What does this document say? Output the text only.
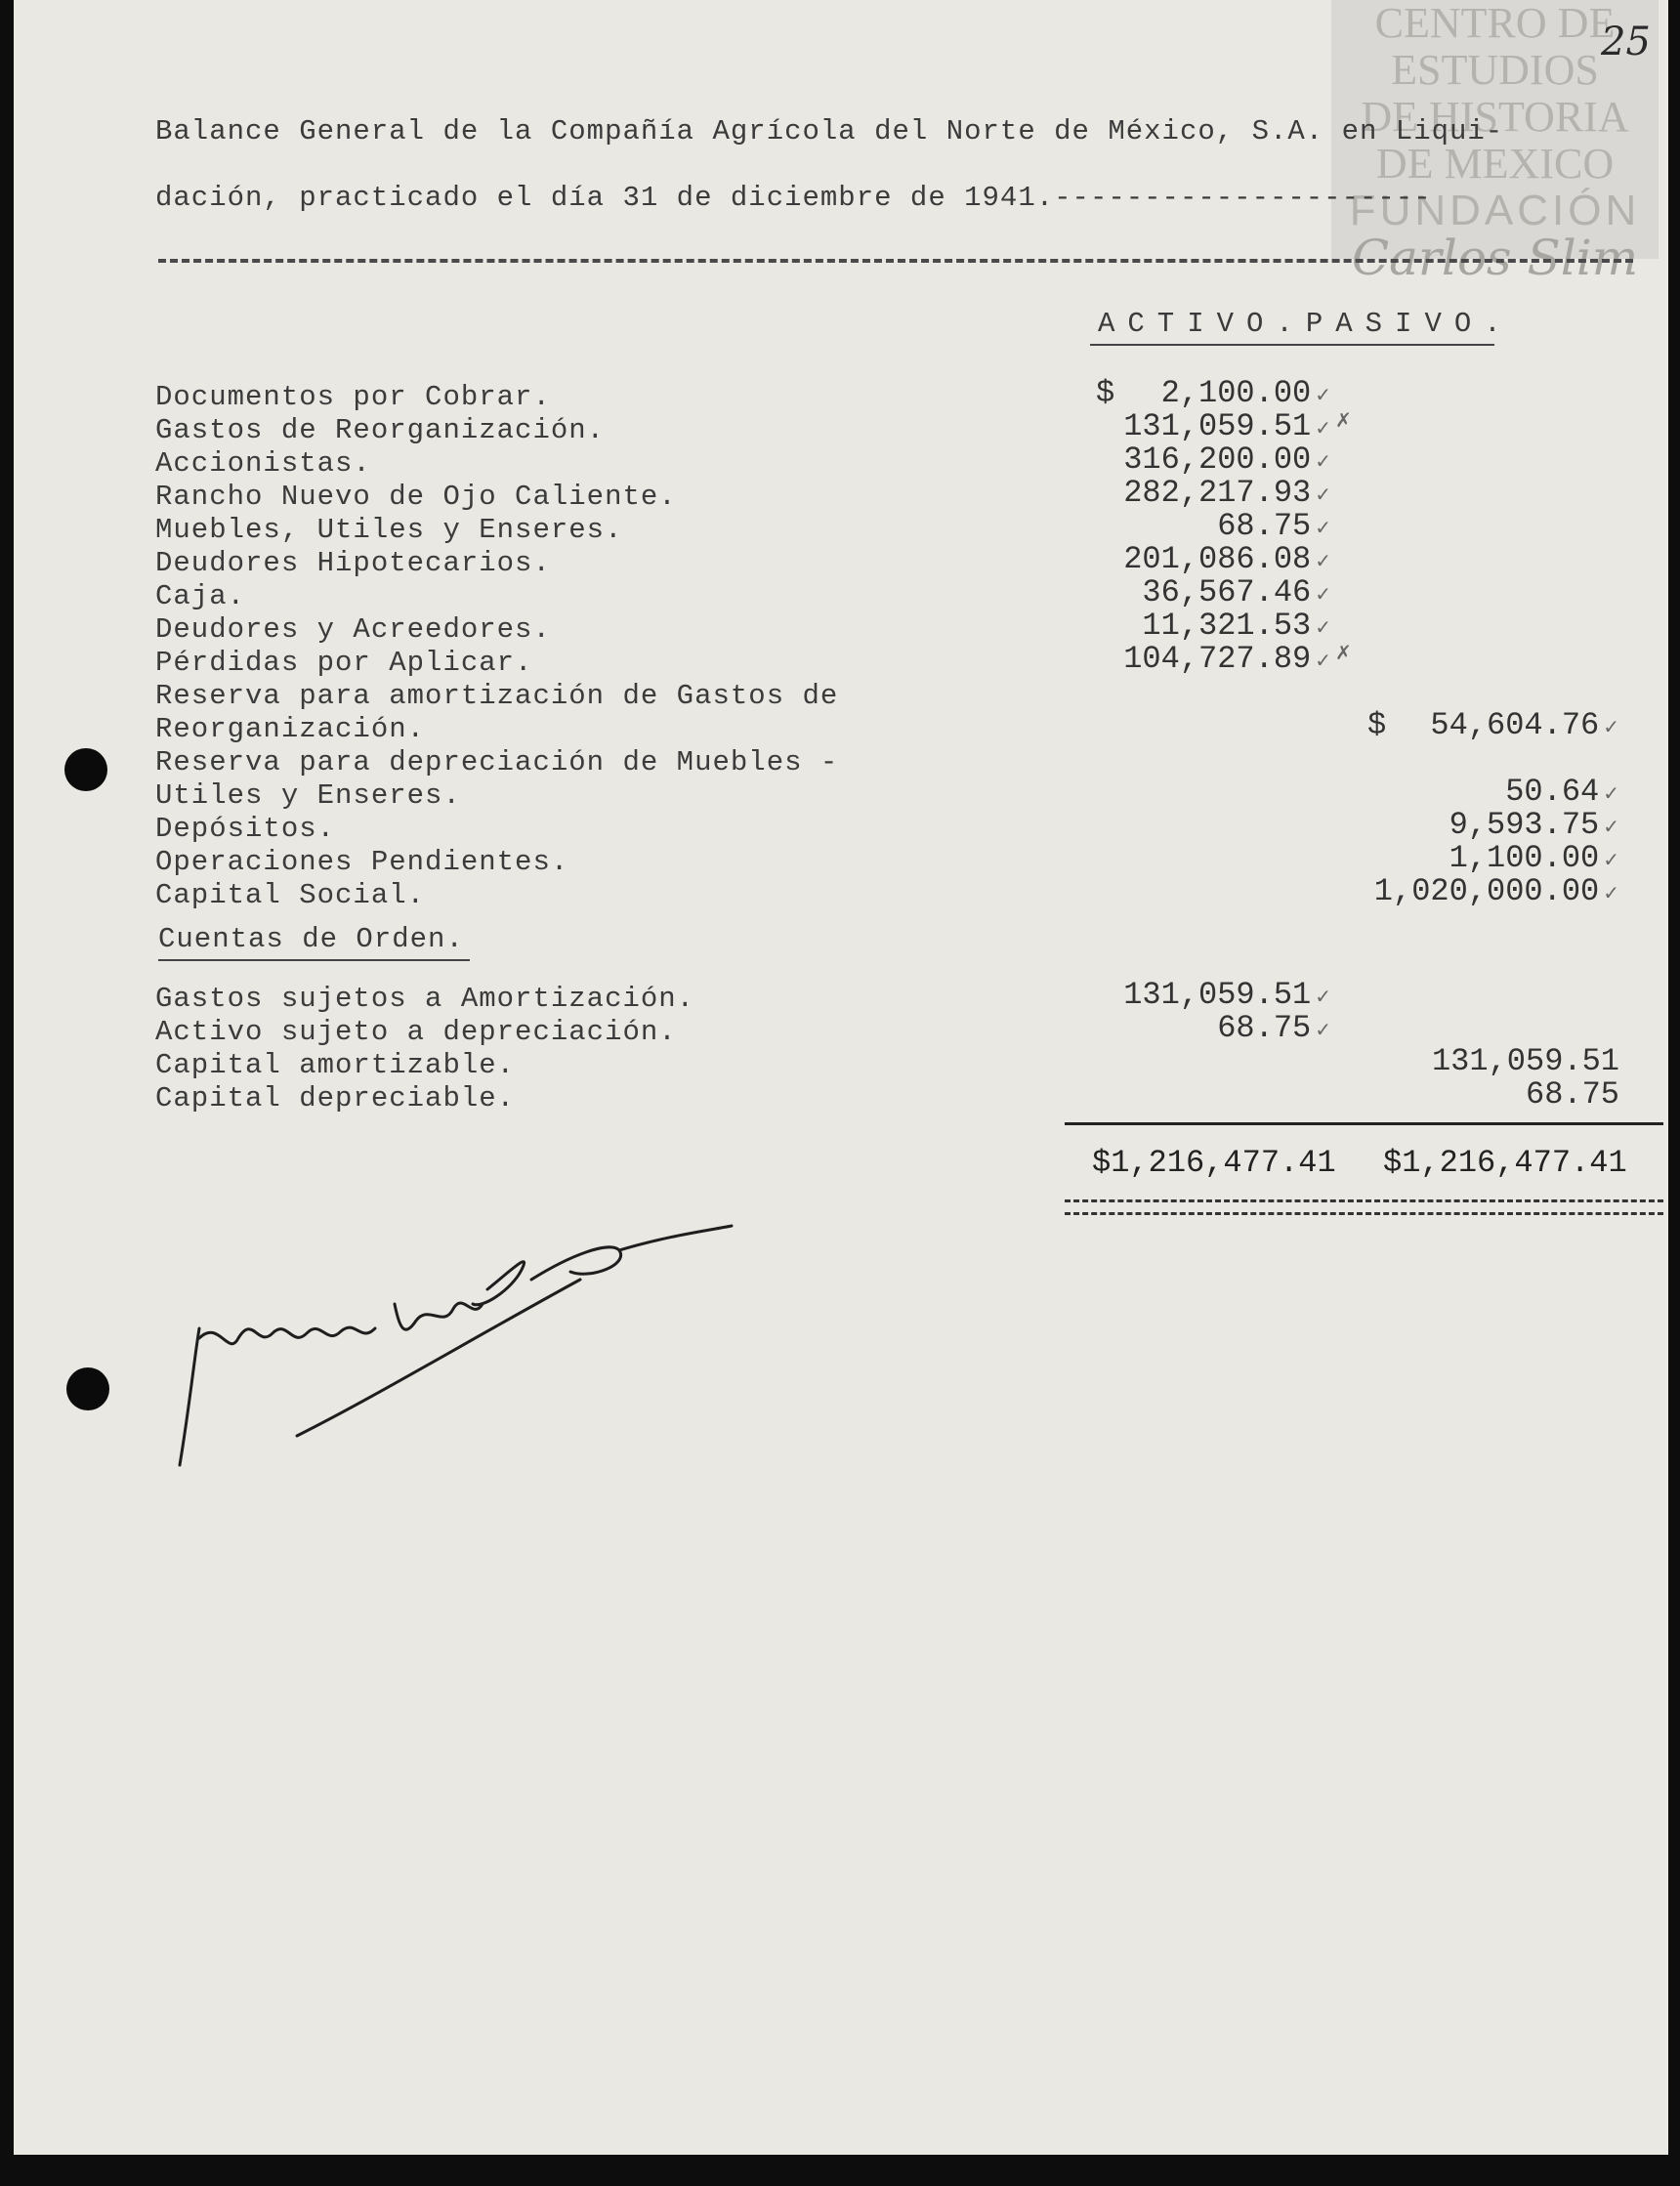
CENTRO DE
ESTUDIOS
DE HISTORIA
DE MEXICO
FUNDACIÓN
Carlos Slim
25
Balance General de la Compañía Agrícola del Norte de México, S.A. en Liqui-
dación, practicado el día 31 de diciembre de 1941.---------------------
ACTIVO.PASIVO.
Documentos por Cobrar.	$ 2,100.00 ✓
Gastos de Reorganización.	131,059.51 ✓ ✗
Accionistas.	316,200.00 ✓
Rancho Nuevo de Ojo Caliente.	282,217.93 ✓
Muebles, Utiles y Enseres.	68.75 ✓
Deudores Hipotecarios.	201,086.08 ✓
Caja.	36,567.46 ✓
Deudores y Acreedores.	11,321.53 ✓
Pérdidas por Aplicar.	104,727.89 ✓ ✗
Reserva para amortización de Gastos de
Reorganización.	$ 54,604.76 ✓
Reserva para depreciación de Muebles -
Utiles y Enseres.	50.64 ✓
Depósitos.	9,593.75 ✓
Operaciones Pendientes.	1,100.00 ✓
Capital Social.	1,020,000.00 ✓
Cuentas de Orden.
Gastos sujetos a Amortización.	131,059.51 ✓
Activo sujeto a depreciación.	68.75 ✓
Capital amortizable.	131,059.51
Capital depreciable.	68.75
$1,216,477.41 $1,216,477.41
